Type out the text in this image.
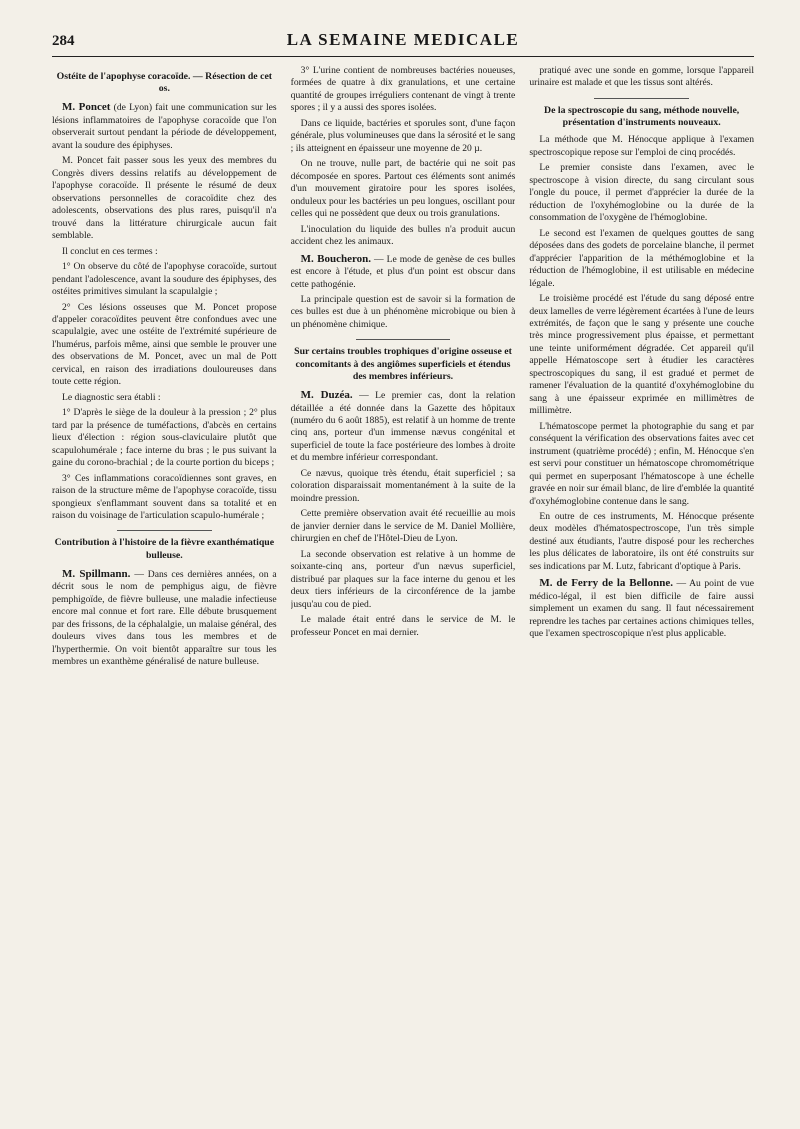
284	LA SEMAINE MEDICALE
Ostéite de l'apophyse coracoïde. — Résection de cet os.

M. Poncet (de Lyon) fait une communication sur les lésions inflammatoires de l'apophyse coracoïde que l'on observerait surtout pendant la période de développement, avant la soudure des épiphyses.

M. Poncet fait passer sous les yeux des membres du Congrès divers dessins relatifs au développement de l'apophyse coracoïde. Il présente le résumé de deux observations personnelles de coracoïdite chez des adolescents, observations des plus rares, puisqu'il n'a trouvé dans la littérature chirurgicale aucun fait semblable.

Il conclut en ces termes :

1° On observe du côté de l'apophyse coracoïde, surtout pendant l'adolescence, avant la soudure des épiphyses, des ostéites primitives simulant la scapulalgie ;

2° Ces lésions osseuses que M. Poncet propose d'appeler coracoïdites peuvent être confondues avec une scapulalgie, avec une ostéite de l'extrémité supérieure de l'humérus, parfois même, ainsi que semble le prouver une des observations de M. Poncet, avec un mal de Pott cervical, en raison des irradiations douloureuses dans toute cette région.

Le diagnostic sera établi :

1° D'après le siège de la douleur à la pression ; 2° plus tard par la présence de tuméfactions, d'abcès en certains lieux d'élection : région sous-claviculaire plutôt que scapulohumérale ; face interne du bras ; le pus suivant la gaine du corono-brachial ; de la courte portion du biceps ;

3° Ces inflammations coracoïdiennes sont graves, en raison de la structure même de l'apophyse coracoïde, tissu spongieux s'enflammant souvent dans sa totalité et en raison du voisinage de l'articulation scapulo-humérale ;

Contribution à l'histoire de la fièvre exanthématique bulleuse.

M. Spillmann. — Dans ces dernières années, on a décrit sous le nom de pemphigus aigu, de fièvre pemphigoïde, de fièvre bulleuse, une maladie infectieuse encore mal connue et fort rare. Elle débute brusquement par des frissons, de la céphalalgie, un malaise général, des douleurs vives dans tous les membres et de l'hyperthermie. On voit bientôt apparaître sur tous les membres un exanthème généralisé de nature bulleuse.

3° L'urine contient de nombreuses bactéries noueuses, formées de quatre à dix granulations, et une certaine quantité de groupes irréguliers contenant de vingt à trente spores ; il y a aussi des spores isolées.

Dans ce liquide, bactéries et sporules sont, d'une façon générale, plus volumineuses que dans la sérosité et le sang ; ils atteignent en épaisseur une moyenne de 20 µ.

On ne trouve, nulle part, de bactérie qui ne soit pas décomposée en spores. Partout ces éléments sont animés d'un mouvement giratoire pour les spores isolées, onduleux pour les bactéries un peu longues, oscillant pour celles qui ne possèdent que deux ou trois granulations.

L'inoculation du liquide des bulles n'a produit aucun accident chez les animaux.

M. Boucheron. — Le mode de genèse de ces bulles est encore à l'étude, et plus d'un point est obscur dans cette pathogénie.

La principale question est de savoir si la formation de ces bulles est due à un phénomène microbique ou bien à un phénomène chimique.

Sur certains troubles trophiques d'origine osseuse et concomitants à des angiômes superficiels et étendus des membres inférieurs.

M. Duzéa. — Le premier cas, dont la relation détaillée a été donnée dans la Gazette des hôpitaux (numéro du 6 août 1885), est relatif à un homme de trente cinq ans, porteur d'un immense nævus congénital et superficiel de toute la face postérieure des lombes à droite et du membre inférieur correspondant.

Ce nævus, quoique très étendu, était superficiel ; sa coloration disparaissait momentanément à la suite de la moindre pression.

Cette première observation avait été recueillie au mois de janvier dernier dans le service de M. Daniel Mollière, chirurgien en chef de l'Hôtel-Dieu de Lyon.

La seconde observation est relative à un homme de soixante-cinq ans, porteur d'un nævus superficiel, distribué par plaques sur la face interne du genou et les deux tiers inférieurs de la circonférence de la jambe jusqu'au cou de pied.

Le malade était entré dans le service de M. le professeur Poncet en mai dernier.

pratiqué avec une sonde en gomme, lorsque l'appareil urinaire est malade et que les tissus sont altérés.

De la spectroscopie du sang, méthode nouvelle, présentation d'instruments nouveaux.

La méthode que M. Hénocque applique à l'examen spectroscopique repose sur l'emploi de cinq procédés.

Le premier consiste dans l'examen, avec le spectroscope à vision directe, du sang circulant sous l'ongle du pouce, il permet d'apprécier la durée de la réduction de l'oxyhémoglobine ou la durée de la consommation de l'oxygène de l'hémoglobine.

Le second est l'examen de quelques gouttes de sang déposées dans des godets de porcelaine blanche, il permet d'apprécier l'apparition de la méthémoglobine et la réduction de l'hémoglobine, il est utilisable en médecine légale.

Le troisième procédé est l'étude du sang déposé entre deux lamelles de verre légèrement écartées à l'une de leurs extrémités, de façon que le sang y présente une couche très mince progressivement plus épaisse, et permettant une teinte uniformément dégradée. Cet appareil qu'il appelle Hématoscope sert à étudier les caractères spectroscopiques du sang, il est gradué et permet de ramener l'évaluation de la quantité d'oxyhémoglobine du sang à une épaisseur exprimée en millimètres de millimètre.

L'hématoscope permet la photographie du sang et par conséquent la vérification des observations faites avec cet instrument (quatrième procédé) ; enfin, M. Hénocque s'en est servi pour constituer un hématoscope chromométrique qui permet en superposant l'hématoscope à une échelle gravée en noir sur émail blanc, de lire d'emblée la quantité d'oxyhémoglobine contenue dans le sang.

En outre de ces instruments, M. Hénocque présente deux modèles d'hématospectroscope, l'un très simple destiné aux étudiants, l'autre disposé pour les recherches les plus délicates de laboratoire, ils ont été construits sur ses indications par M. Lutz, fabricant d'optique à Paris.

M. de Ferry de la Bellonne. — Au point de vue médico-légal, il est bien difficile de faire aussi simplement un examen du sang. Il faut nécessairement reprendre les taches par certaines actions chimiques telles, que l'examen spectroscopique n'est plus applicable.
